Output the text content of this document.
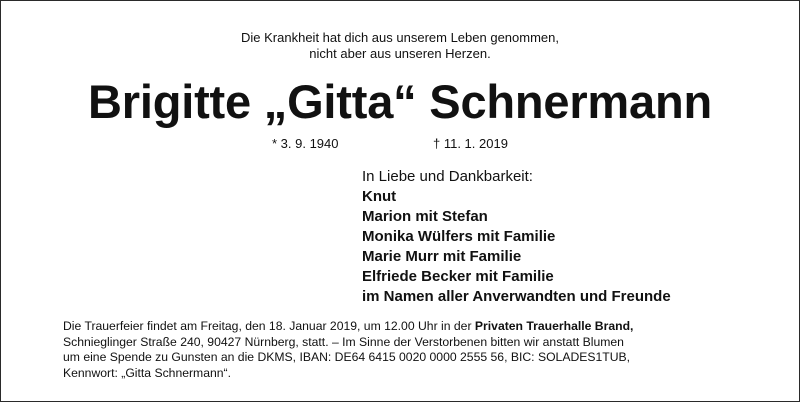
Die Krankheit hat dich aus unserem Leben genommen,
nicht aber aus unseren Herzen.
Brigitte „Gitta“ Schnermann
* 3. 9. 1940	† 11. 1. 2019
In Liebe und Dankbarkeit:
Knut
Marion mit Stefan
Monika Wülfers mit Familie
Marie Murr mit Familie
Elfriede Becker mit Familie
im Namen aller Anverwandten und Freunde
Die Trauerfeier findet am Freitag, den 18. Januar 2019, um 12.00 Uhr in der Privaten Trauerhalle Brand,
Schnieglinger Straße 240, 90427 Nürnberg, statt. – Im Sinne der Verstorbenen bitten wir anstatt Blumen
um eine Spende zu Gunsten an die DKMS, IBAN: DE64 6415 0020 0000 2555 56, BIC: SOLADES1TUB,
Kennwort: „Gitta Schnermann“.
